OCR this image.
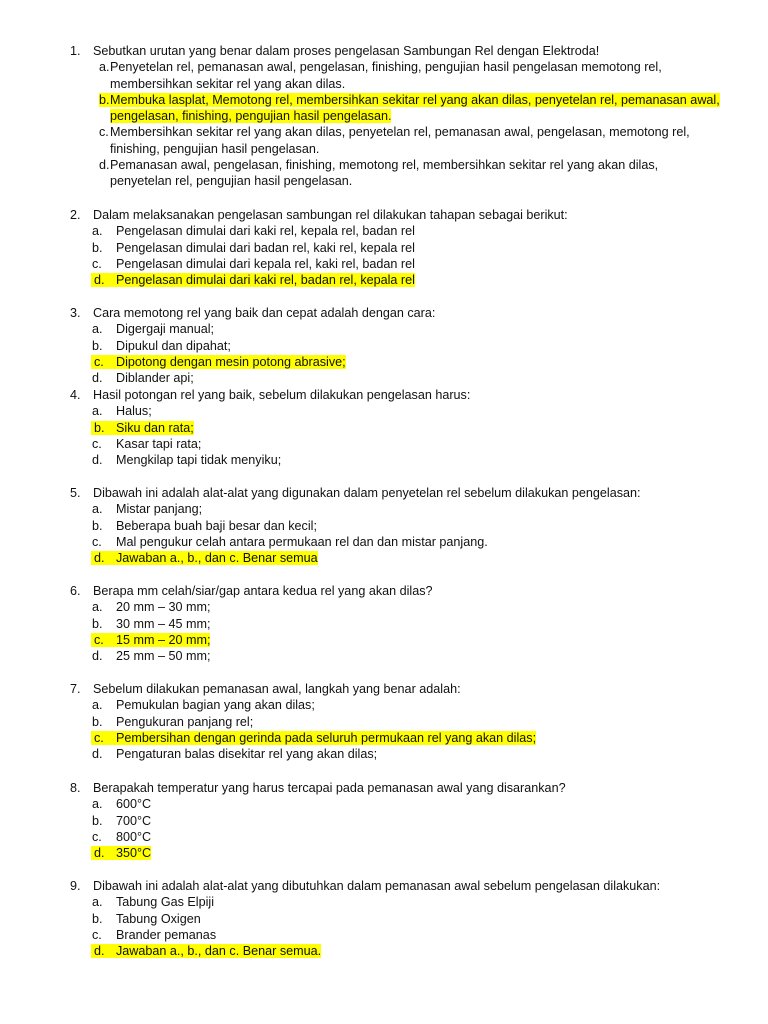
1. Sebutkan urutan yang benar dalam proses pengelasan Sambungan Rel dengan Elektroda!
a.Penyetelan rel, pemanasan awal, pengelasan, finishing, pengujian hasil pengelasan memotong rel, membersihkan sekitar rel yang akan dilas.
b.Membuka lasplat, Memotong rel, membersihkan sekitar rel yang akan dilas, penyetelan rel, pemanasan awal, pengelasan, finishing, pengujian hasil pengelasan.
c.Membersihkan sekitar rel yang akan dilas, penyetelan rel, pemanasan awal, pengelasan, memotong rel, finishing, pengujian hasil pengelasan.
d.Pemanasan awal, pengelasan, finishing, memotong rel, membersihkan sekitar rel yang akan dilas, penyetelan rel, pengujian hasil pengelasan.
2. Dalam melaksanakan pengelasan sambungan rel dilakukan tahapan sebagai berikut:
a. Pengelasan dimulai dari kaki rel, kepala rel, badan rel
b. Pengelasan dimulai dari badan rel, kaki rel, kepala rel
c. Pengelasan dimulai dari kepala rel, kaki rel, badan rel
d. Pengelasan dimulai dari kaki rel, badan rel, kepala rel
3. Cara memotong rel yang baik dan cepat adalah dengan cara:
a. Digergaji manual;
b. Dipukul dan dipahat;
c. Dipotong dengan mesin potong abrasive;
d. Diblander api;
4. Hasil potongan rel yang baik, sebelum dilakukan pengelasan harus:
a. Halus;
b. Siku dan rata;
c. Kasar tapi rata;
d. Mengkilap tapi tidak menyiku;
5. Dibawah ini adalah alat-alat yang digunakan dalam penyetelan rel sebelum dilakukan pengelasan:
a. Mistar panjang;
b. Beberapa buah baji besar dan kecil;
c. Mal pengukur celah antara permukaan rel dan dan mistar panjang.
d. Jawaban a., b., dan c. Benar semua
6. Berapa mm celah/siar/gap antara kedua rel yang akan dilas?
a. 20 mm – 30 mm;
b. 30 mm – 45 mm;
c. 15 mm – 20 mm;
d. 25 mm – 50 mm;
7. Sebelum dilakukan pemanasan awal, langkah yang benar adalah:
a. Pemukulan bagian yang akan dilas;
b. Pengukuran panjang rel;
c. Pembersihan dengan gerinda pada seluruh permukaan rel yang akan dilas;
d. Pengaturan balas disekitar rel yang akan dilas;
8. Berapakah temperatur yang harus tercapai pada pemanasan awal yang disarankan?
a. 600°C
b. 700°C
c. 800°C
d. 350°C
9. Dibawah ini adalah alat-alat yang dibutuhkan dalam pemanasan awal sebelum pengelasan dilakukan:
a. Tabung Gas Elpiji
b. Tabung Oxigen
c. Brander pemanas
d. Jawaban a., b., dan c. Benar semua.
